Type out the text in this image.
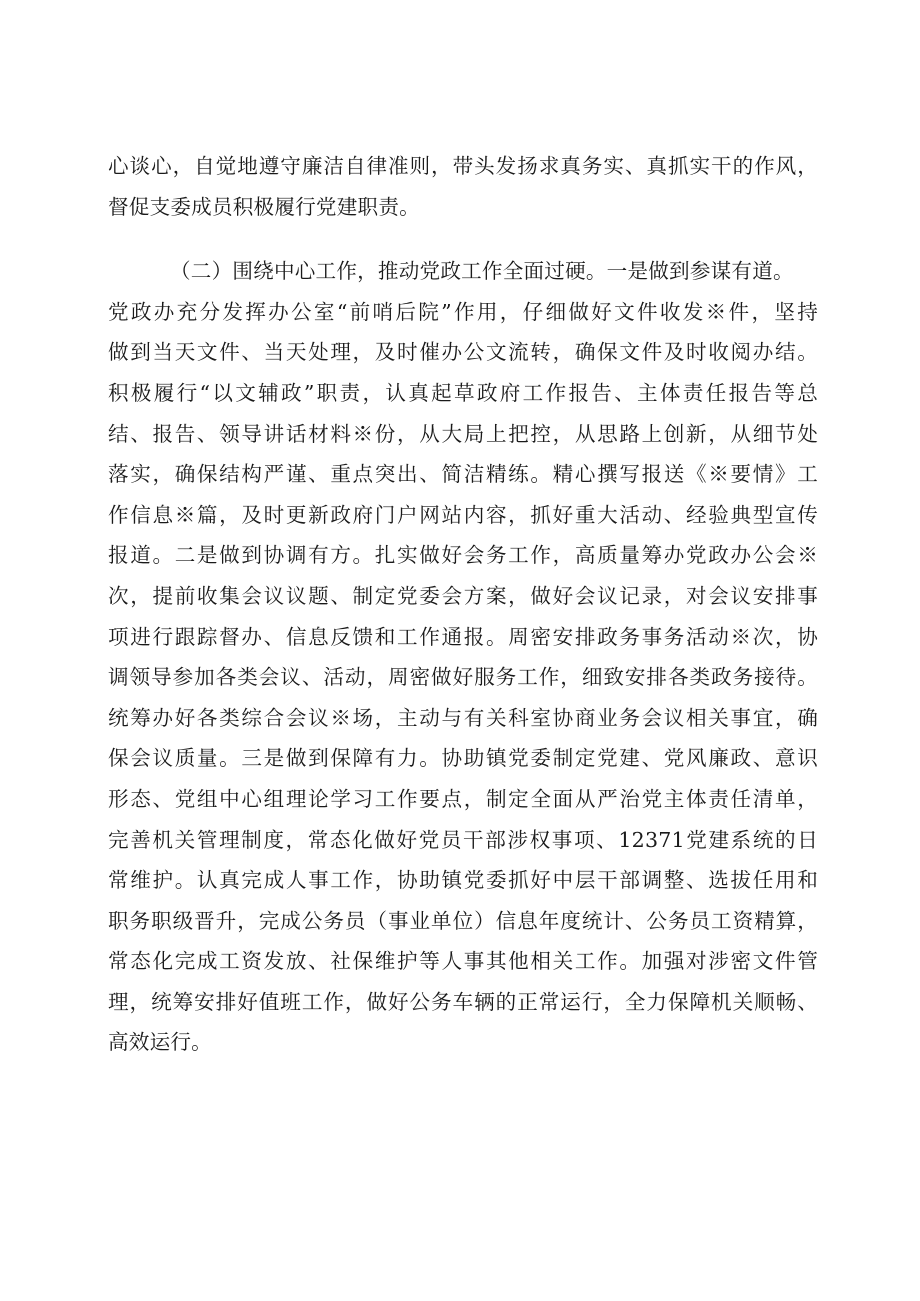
心谈心，自觉地遵守廉洁自律准则，带头发扬求真务实、真抓实干的作风，
督促支委成员积极履行党建职责。
（二）围绕中心工作，推动党政工作全面过硬。一是做到参谋有道。
党政办充分发挥办公室“前哨后院”作用，仔细做好文件收发※件，坚持
做到当天文件、当天处理，及时催办公文流转，确保文件及时收阅办结。
积极履行“以文辅政”职责，认真起草政府工作报告、主体责任报告等总
结、报告、领导讲话材料※份，从大局上把控，从思路上创新，从细节处
落实，确保结构严谨、重点突出、简洁精练。精心撰写报送《※要情》工
作信息※篇，及时更新政府门户网站内容，抓好重大活动、经验典型宣传
报道。二是做到协调有方。扎实做好会务工作，高质量筹办党政办公会※
次，提前收集会议议题、制定党委会方案，做好会议记录，对会议安排事
项进行跟踪督办、信息反馈和工作通报。周密安排政务事务活动※次，协
调领导参加各类会议、活动，周密做好服务工作，细致安排各类政务接待。
统筹办好各类综合会议※场，主动与有关科室协商业务会议相关事宜，确
保会议质量。三是做到保障有力。协助镇党委制定党建、党风廉政、意识
形态、党组中心组理论学习工作要点，制定全面从严治党主体责任清单，
完善机关管理制度，常态化做好党员干部涉权事项、12371党建系统的日
常维护。认真完成人事工作，协助镇党委抓好中层干部调整、选拔任用和
职务职级晋升，完成公务员（事业单位）信息年度统计、公务员工资精算，
常态化完成工资发放、社保维护等人事其他相关工作。加强对涉密文件管
理，统筹安排好值班工作，做好公务车辆的正常运行，全力保障机关顺畅、
高效运行。
